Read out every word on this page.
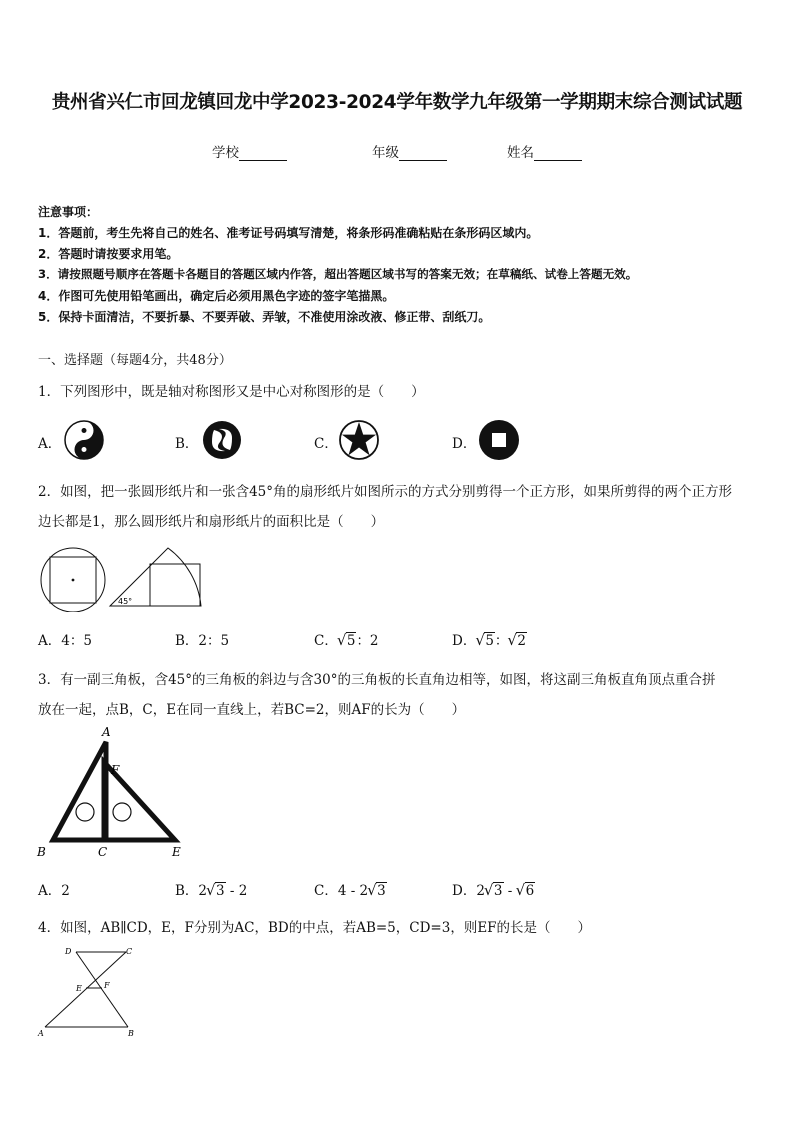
贵州省兴仁市回龙镇回龙中学2023-2024学年数学九年级第一学期期末综合测试试题
学校	年级	姓名
注意事项：
1．答题前，考生先将自己的姓名、准考证号码填写清楚，将条形码准确粘贴在条形码区域内。
2．答题时请按要求用笔。
3．请按照题号顺序在答题卡各题目的答题区域内作答，超出答题区域书写的答案无效；在草稿纸、试卷上答题无效。
4．作图可先使用铅笔画出，确定后必须用黑色字迹的签字笔描黑。
5．保持卡面清洁，不要折暴、不要弄破、弄皱，不准使用涂改液、修正带、刮纸刀。
一、选择题（每题4分，共48分）
1．下列图形中，既是轴对称图形又是中心对称图形的是（　　）
A．	B．	C．	D．
2．如图，把一张圆形纸片和一张含45°角的扇形纸片如图所示的方式分别剪得一个正方形，如果所剪得的两个正方形
边长都是1，那么圆形纸片和扇形纸片的面积比是（　　）
45°
A．4：5	B．2：5	C． √ 5：2	D． √ 5： √ 2
3．有一副三角板，含45°的三角板的斜边与含30°的三角板的长直角边相等，如图，将这副三角板直角顶点重合拼
放在一起，点B，C，E在同一直线上，若BC=2，则AF的长为（　　）
A
F
B	C	E
A．2	B．2 √ 3 - 2	C．4 - 2 √ 3	D．2 √ 3 - √ 6
4．如图，AB∥CD，E，F分别为AC，BD的中点，若AB=5，CD=3，则EF的长是（　　）
D	C
E	F
A	B
